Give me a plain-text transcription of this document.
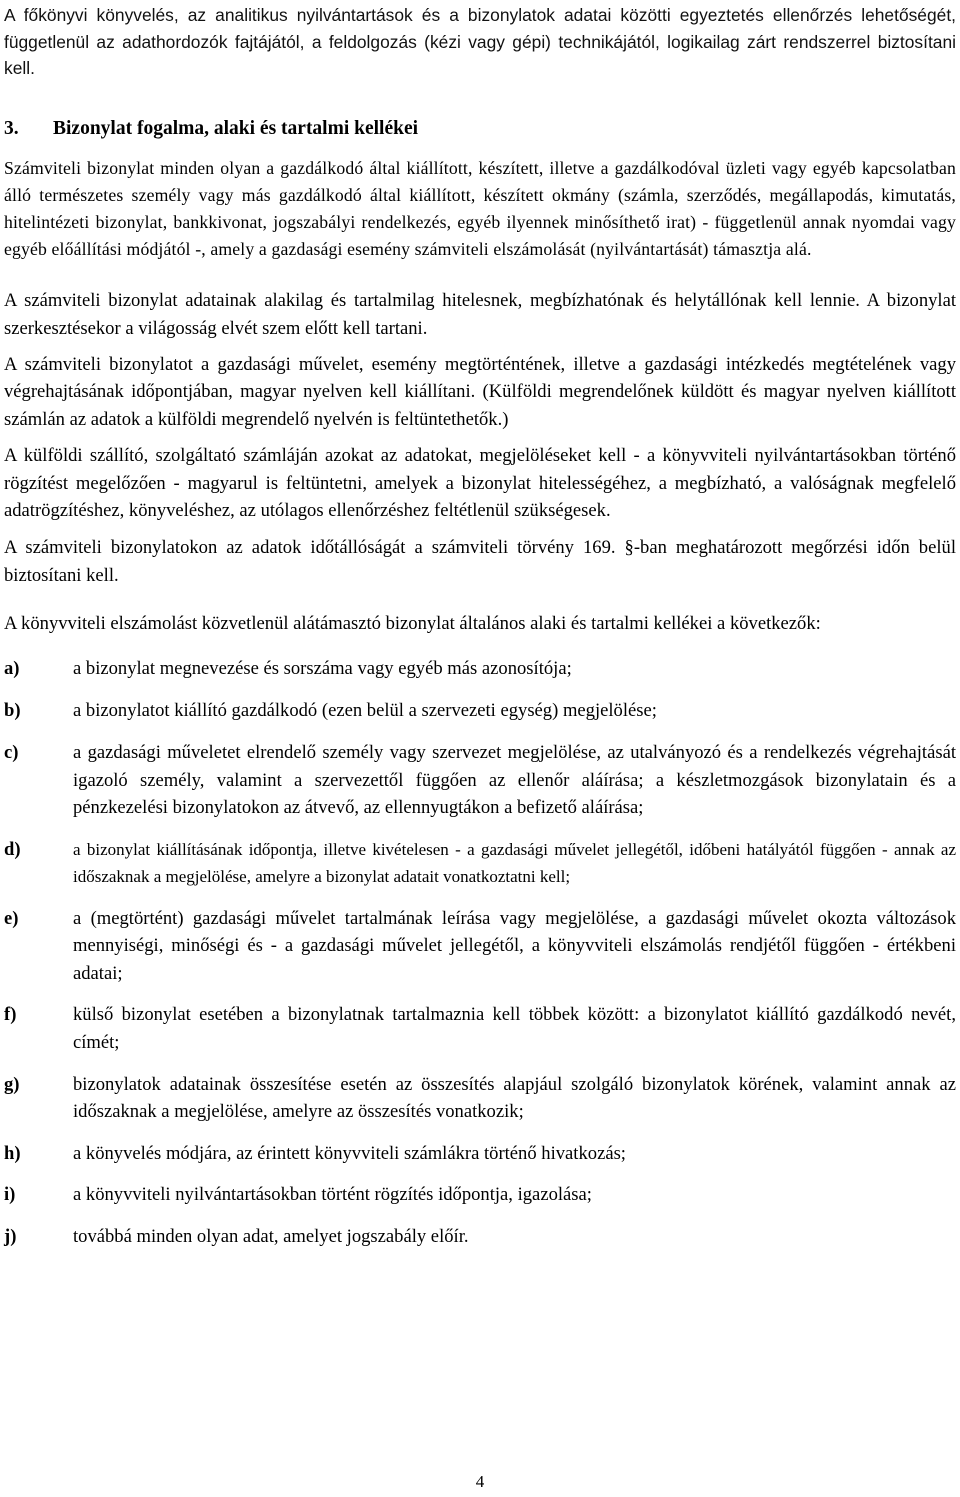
A főkönyvi könyvelés, az analitikus nyilvántartások és a bizonylatok adatai közötti egyeztetés ellenőrzés lehetőségét, függetlenül az adathordozók fajtájától, a feldolgozás (kézi vagy gépi) technikájától, logikailag zárt rendszerrel biztosítani kell.

3.	Bizonylat fogalma, alaki és tartalmi kellékei

Számviteli bizonylat minden olyan a gazdálkodó által kiállított, készített, illetve a gazdálkodóval üzleti vagy egyéb kapcsolatban álló természetes személy vagy más gazdálkodó által kiállított, készített okmány (számla, szerződés, megállapodás, kimutatás, hitelintézeti bizonylat, bankkivonat, jogszabályi rendelkezés, egyéb ilyennek minősíthető irat) - függetlenül annak nyomdai vagy egyéb előállítási módjától -, amely a gazdasági esemény számviteli elszámolását (nyilvántartását) támasztja alá.

A számviteli bizonylat adatainak alakilag és tartalmilag hitelesnek, megbízhatónak és helytállónak kell lennie. A bizonylat szerkesztésekor a világosság elvét szem előtt kell tartani.

A számviteli bizonylatot a gazdasági művelet, esemény megtörténtének, illetve a gazdasági intézkedés megtételének vagy végrehajtásának időpontjában, magyar nyelven kell kiállítani. (Külföldi megrendelőnek küldött és magyar nyelven kiállított számlán az adatok a külföldi megrendelő nyelvén is feltüntethetők.)

A külföldi szállító, szolgáltató számláján azokat az adatokat, megjelöléseket kell - a könyvviteli nyilvántartásokban történő rögzítést megelőzően - magyarul is feltüntetni, amelyek a bizonylat hitelességéhez, a megbízható, a valóságnak megfelelő adatrögzítéshez, könyveléshez, az utólagos ellenőrzéshez feltétlenül szükségesek.

A számviteli bizonylatokon az adatok időtállóságát a számviteli törvény 169. §-ban meghatározott megőrzési időn belül biztosítani kell.

A könyvviteli elszámolást közvetlenül alátámasztó bizonylat általános alaki és tartalmi kellékei a következők:

a)	a bizonylat megnevezése és sorszáma vagy egyéb más azonosítója;
b)	a bizonylatot kiállító gazdálkodó (ezen belül a szervezeti egység) megjelölése;
c)	a gazdasági műveletet elrendelő személy vagy szervezet megjelölése, az utalványozó és a rendelkezés végrehajtását igazoló személy, valamint a szervezettől függően az ellenőr aláírása; a készletmozgások bizonylatain és a pénzkezelési bizonylatokon az átvevő, az ellennyugtákon a befizető aláírása;
d)	a bizonylat kiállításának időpontja, illetve kivételesen - a gazdasági művelet jellegétől, időbeni hatályától függően - annak az időszaknak a megjelölése, amelyre a bizonylat adatait vonatkoztatni kell;
e)	a (megtörtént) gazdasági művelet tartalmának leírása vagy megjelölése, a gazdasági művelet okozta változások mennyiségi, minőségi és - a gazdasági művelet jellegétől, a könyvviteli elszámolás rendjétől függően - értékbeni adatai;
f)	külső bizonylat esetében a bizonylatnak tartalmaznia kell többek között: a bizonylatot kiállító gazdálkodó nevét, címét;
g)	bizonylatok adatainak összesítése esetén az összesítés alapjául szolgáló bizonylatok körének, valamint annak az időszaknak a megjelölése, amelyre az összesítés vonatkozik;
h)	a könyvelés módjára, az érintett könyvviteli számlákra történő hivatkozás;
i)	a könyvviteli nyilvántartásokban történt rögzítés időpontja, igazolása;
j)	továbbá minden olyan adat, amelyet jogszabály előír.
4
